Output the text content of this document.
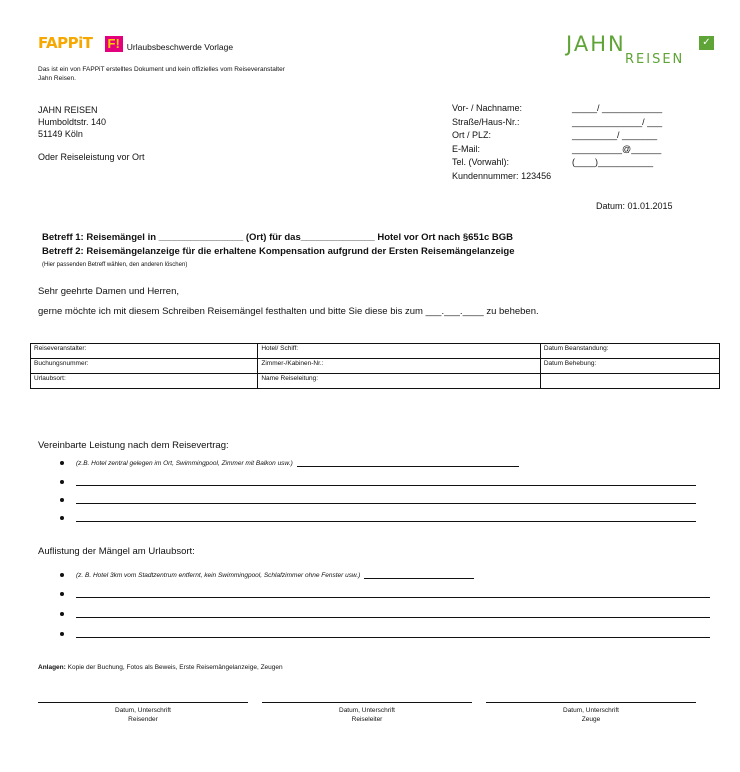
FAPPiT F! Urlaubsbeschwerde Vorlage
Das ist ein von FAPPiT erstelltes Dokument und kein offizielles vom Reiseveranstalter Jahn Reisen.
JAHN	✓
REISEN
JAHN REISEN
Humboldtstr. 140
51149 Köln
Oder Reiseleistung vor Ort
Vor- / Nachname:	_____/ ____________
Straße/Haus-Nr.:	______________/ ___
Ort / PLZ:	_________/ _______
E-Mail:	__________@______
Tel. (Vorwahl):	(____)___________
Kundennummer:
123456
Datum: 01.01.2015
Betreff 1: Reisemängel in ________________ (Ort) für das______________ Hotel vor Ort nach §651c BGB
Betreff 2: Reisemängelanzeige für die erhaltene Kompensation aufgrund der Ersten Reisemängelanzeige
(Hier passenden Betreff wählen, den anderen löschen)
Sehr geehrte Damen und Herren,
gerne möchte ich mit diesem Schreiben Reisemängel festhalten und bitte Sie diese bis zum ___.___.____ zu beheben.
Reiseveranstalter:	Hotel/ Schiff:	Datum Beanstandung:
Buchungsnummer:	Zimmer-/Kabinen-Nr.:	Datum Behebung:
Urlaubsort:	Name Reiseleitung:	
Vereinbarte Leistung nach dem Reisevertrag:
(z.B. Hotel zentral gelegen im Ort, Swimmingpool, Zimmer mit Balkon usw.)
Auflistung der Mängel am Urlaubsort:
(z. B. Hotel 3km vom Stadtzentrum entfernt, kein Swimmingpool, Schlafzimmer ohne Fenster usw.)
Anlagen: Kopie der Buchung, Fotos als Beweis, Erste Reisemängelanzeige, Zeugen
Datum, Unterschrift
Reisender
Datum, Unterschrift
Reiseleiter
Datum, Unterschrift
Zeuge
